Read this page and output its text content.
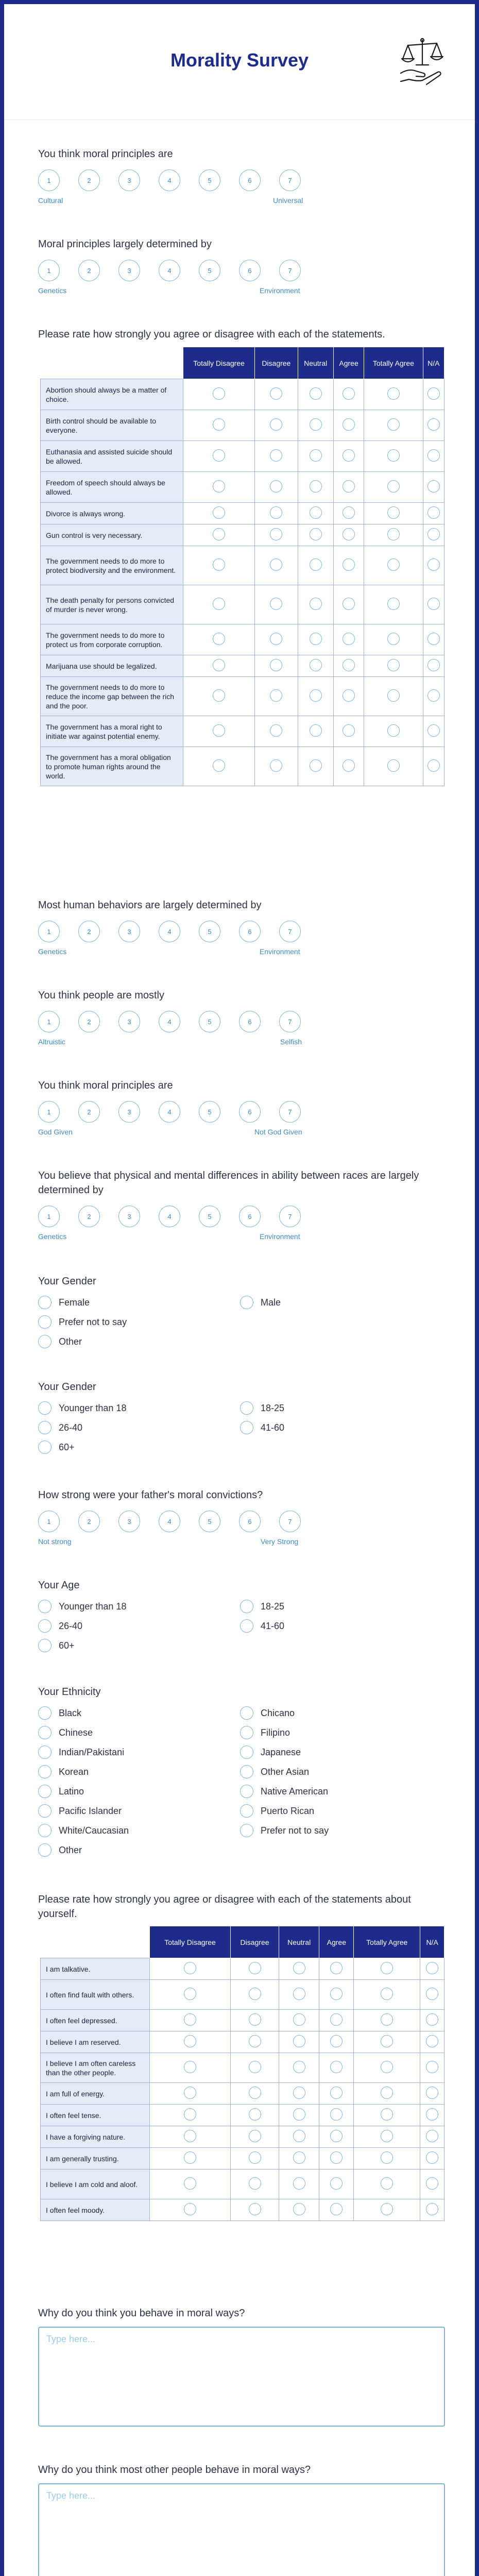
Morality Survey
You think moral principles are
1	2	3	4	5	6	7
Cultural	Universal
Moral principles largely determined by
1	2	3	4	5	6	7
Genetics	Environment
Please rate how strongly you agree or disagree with each of the statements.
	Totally Disagree	Disagree	Neutral	Agree	Totally Agree	N/A
Abortion should always be a matter of choice.						
Birth control should be available to everyone.						
Euthanasia and assisted suicide should be allowed.						
Freedom of speech should always be allowed.						
Divorce is always wrong.						
Gun control is very necessary.						
The government needs to do more to protect biodiversity and the environment.						
The death penalty for persons convicted of murder is never wrong.						
The government needs to do more to protect us from corporate corruption.						
Marijuana use should be legalized.						
The government needs to do more to reduce the income gap between the rich and the poor.						
The government has a moral right to initiate war against potential enemy.						
The government has a moral obligation to promote human rights around the world.						
Most human behaviors are largely determined by
1	2	3	4	5	6	7
Genetics	Environment
You think people are mostly
1	2	3	4	5	6	7
Altruistic	Selfish
You think moral principles are
1	2	3	4	5	6	7
God Given	Not God Given
You believe that physical and mental differences in ability between races are largely determined by
1	2	3	4	5	6	7
Genetics	Environment
Your Gender
Female	Male
Prefer not to say
Other
Your Gender
Younger than 18	18-25
26-40	41-60
60+
How strong were your father's moral convictions?
1	2	3	4	5	6	7
Not strong	Very Strong
Your Age
Younger than 18	18-25
26-40	41-60
60+
Your Ethnicity
Black	Chicano
Chinese	Filipino
Indian/Pakistani	Japanese
Korean	Other Asian
Latino	Native American
Pacific Islander	Puerto Rican
White/Caucasian	Prefer not to say
Other
Please rate how strongly you agree or disagree with each of the statements about yourself.
	Totally Disagree	Disagree	Neutral	Agree	Totally Agree	N/A
I am talkative.						
I often find fault with others.						
I often feel depressed.						
I believe I am reserved.						
I believe I am often careless than the other people.						
I am full of energy.						
I often feel tense.						
I have a forgiving nature.						
I am generally trusting.						
I believe I am cold and aloof.						
I often feel moody.						
Why do you think you behave in moral ways?
Type here...
Why do you think most other people behave in moral ways?
Type here...
